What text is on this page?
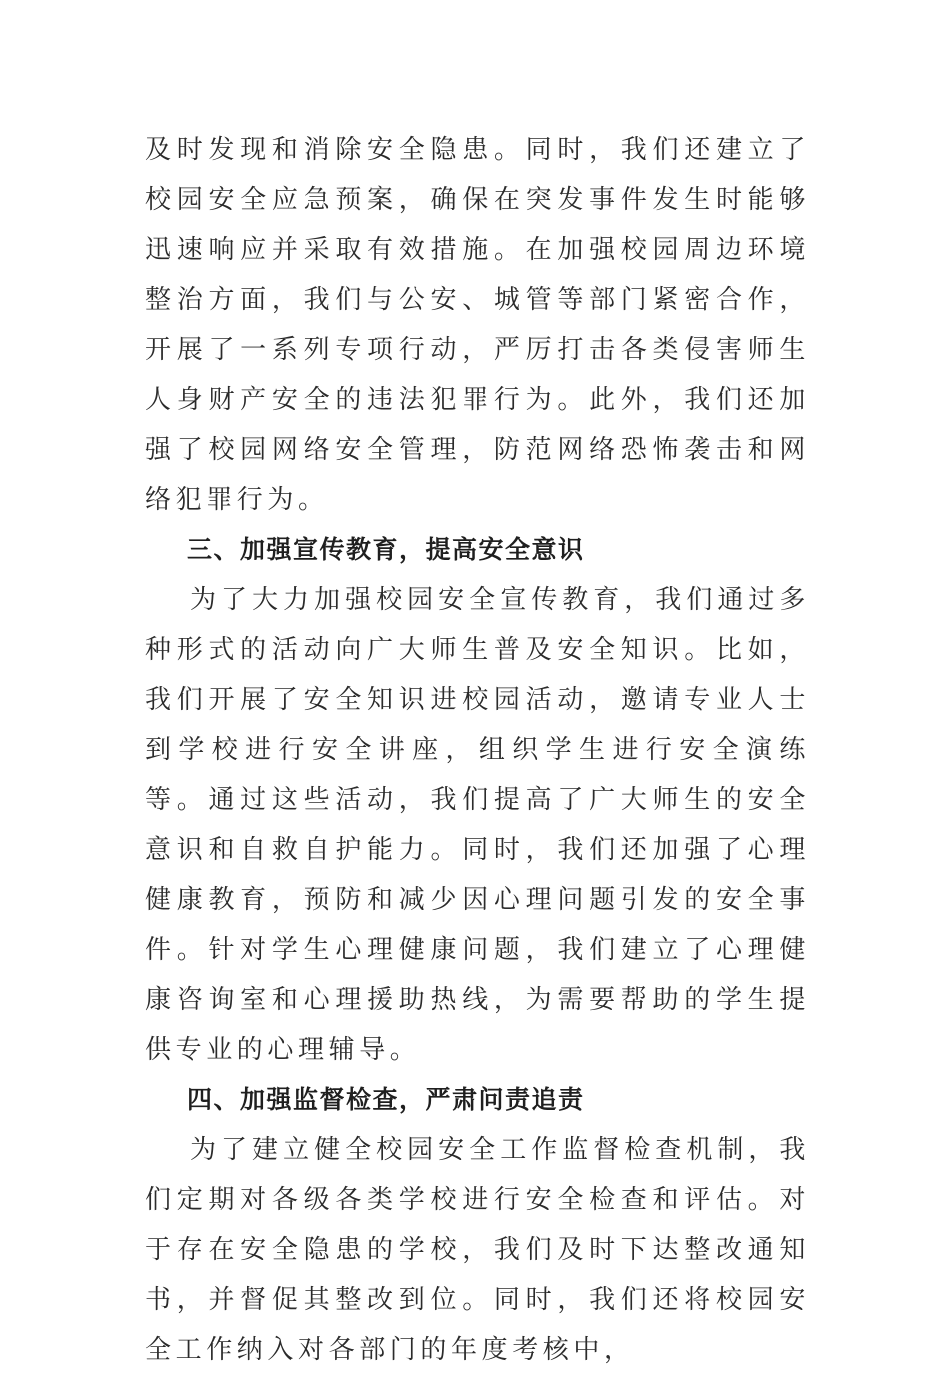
及时发现和消除安全隐患。同时，我们还建立了校园安全应急预案，确保在突发事件发生时能够迅速响应并采取有效措施。在加强校园周边环境整治方面，我们与公安、城管等部门紧密合作，开展了一系列专项行动，严厉打击各类侵害师生人身财产安全的违法犯罪行为。此外，我们还加强了校园网络安全管理，防范网络恐怖袭击和网络犯罪行为。

三、加强宣传教育，提高安全意识

为了大力加强校园安全宣传教育，我们通过多种形式的活动向广大师生普及安全知识。比如，我们开展了安全知识进校园活动，邀请专业人士到学校进行安全讲座，组织学生进行安全演练等。通过这些活动，我们提高了广大师生的安全意识和自救自护能力。同时，我们还加强了心理健康教育，预防和减少因心理问题引发的安全事件。针对学生心理健康问题，我们建立了心理健康咨询室和心理援助热线，为需要帮助的学生提供专业的心理辅导。

四、加强监督检查，严肃问责追责

为了建立健全校园安全工作监督检查机制，我们定期对各级各类学校进行安全检查和评估。对于存在安全隐患的学校，我们及时下达整改通知书，并督促其整改到位。同时，我们还将校园安全工作纳入对各部门的年度考核中，
